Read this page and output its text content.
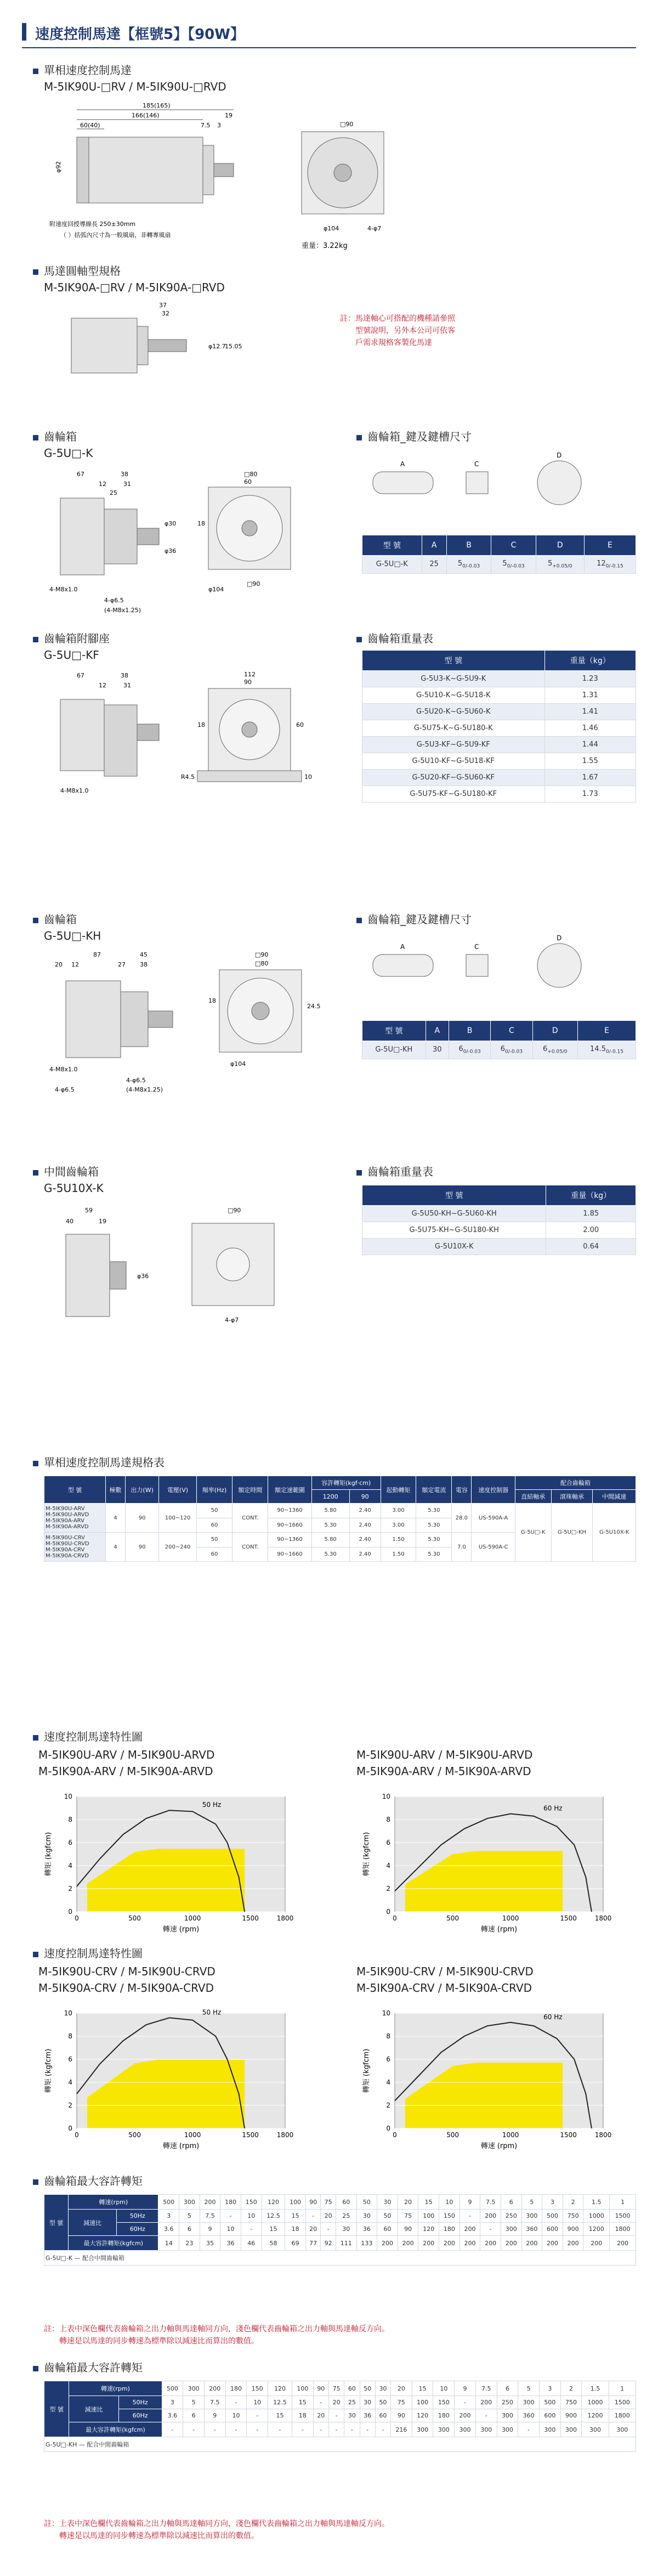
速度控制馬達【框號5】【90W】
單相速度控制馬達
M-5IK90U-□RV / M-5IK90U-□RVD
185(165)
166(146)
60(40)	7.5 3
19
φ92
□90
φ104	4-φ7
附速度回授導線長 250±30mm
（ ）括弧內尺寸為一般風扇，非轉專風扇
重量：3.22kg
馬達圓軸型規格
M-5IK90A-□RV / M-5IK90A-□RVD
37
32
φ12.7
15.05
註：馬達軸心可搭配的機種請參照
型號說明，另外本公司可依客
戶需求規格客製化馬達
齒輪箱
G-5U□-K
67	38
12	31
25
4-M8x1.0
4-φ6.5
(4-M8x1.25)
□80
60
18
□90
φ104
φ30
φ36
齒輪箱_鍵及鍵槽尺寸
A	C
D
型 號	A	B	C	D	E
G-5U□-K	25	$5_{0/-0.03}$	$5_{0/-0.03}$	$5_{+0.05/0}$	$12_{0/-0.15}$
齒輪箱附腳座
G-5U□-KF
67	38
12	31
4-M8x1.0
112
90
60
18
R4.5	10
齒輪箱重量表
型 號	重量（kg）
G-5U3-K~G-5U9-K	1.23
G-5U10-K~G-5U18-K	1.31
G-5U20-K~G-5U60-K	1.41
G-5U75-K~G-5U180-K	1.46
G-5U3-KF~G-5U9-KF	1.44
G-5U10-KF~G-5U18-KF	1.55
G-5U20-KF~G-5U60-KF	1.67
G-5U75-KF~G-5U180-KF	1.73
齒輪箱
G-5U□-KH
87	45
20 12	27 38
4-M8x1.0
4-φ6.5
(4-M8x1.25)
4-φ6.5
□90
□80
24.5
18
φ104
齒輪箱_鍵及鍵槽尺寸
A	C
D
型 號	A	B	C	D	E
G-5U□-KH	30	$6_{0/-0.03}$	$6_{0/-0.03}$	$6_{+0.05/0}$	$14.5_{0/-0.15}$
中間齒輪箱
G-5U10X-K
59
40	19
□90
φ36
4-φ7
齒輪箱重量表
型 號	重量（kg）
G-5U50-KH~G-5U60-KH	1.85
G-5U75-KH~G-5U180-KH	2.00
G-5U10X-K	0.64
單相速度控制馬達規格表
型 號	極數	出力(W)	電壓(V)	頻率(Hz)	額定時間	額定速範圍	容許轉矩(kgf·cm)		起動轉矩	額定電流	電容	速度控制器	配合齒輪箱		
							1200	90					直結軸承	滾珠軸承	中間減速

M-5IK90U-ARV
M-5IK90U-ARVD
M-5IK90A-ARV
M-5IK90A-ARVD	4	90	100~120	50	CONT.	90~1360	5.80	2.40	3.00	5.30	28.0	US-590A-A	G-5U□-K	G-5U□-KH	G-5U10X-K
				60		90~1660	5.30	2.40	3.00	5.30					

M-5IK90U-CRV
M-5IK90U-CRVD
M-5IK90A-CRV
M-5IK90A-CRVD	4	90	200~240	50	CONT.	90~1360	5.80	2.40	1.50	5.30	7.0	US-590A-C			
				60		90~1660	5.30	2.40	1.50	5.30					
速度控制馬達特性圖
M-5IK90U-ARV / M-5IK90U-ARVD
M-5IK90A-ARV / M-5IK90A-ARVD
M-5IK90U-ARV / M-5IK90U-ARVD
M-5IK90A-ARV / M-5IK90A-ARVD
0
2
4
6
8
10
0	500	1000	1500	1800
50 Hz
轉速 (rpm)
轉矩 (kgfcm)
0
2
4
6
8
10
0	500	1000	1500	1800
60 Hz
轉速 (rpm)
轉矩 (kgfcm)
速度控制馬達特性圖
M-5IK90U-CRV / M-5IK90U-CRVD
M-5IK90A-CRV / M-5IK90A-CRVD
M-5IK90U-CRV / M-5IK90U-CRVD
M-5IK90A-CRV / M-5IK90A-CRVD
0
2
4
6
8
10
0	500	1000	1500	1800
50 Hz
轉速 (rpm)
轉矩 (kgfcm)
0
2
4
6
8
10
0	500	1000	1500	1800
60 Hz
轉速 (rpm)
轉矩 (kgfcm)
齒輪箱最大容許轉矩
型 號	轉速(rpm)		500	300	200	180	150	120	100	90	75	60	50	30	20	15	10	9	7.5	6	5	3	2	1.5	1
	減速比	50Hz	3	5	7.5	-	10	12.5	15	-	20	25	30	50	75	100	150	-	200	250	300	500	750	1000	1500
		60Hz	3.6	6	9	10	-	15	18	20	-	30	36	60	90	120	180	200	-	300	360	600	900	1200	1800
	最大容許轉矩(kgfcm)		14	23	35	36	46	58	69	77	92	111	133	200	200	200	200	200	200	200	200	200	200	200	200
G-5U□-K — 配合中間齒輪箱																									
註：上表中深色欄代表齒輪箱之出力軸與馬達軸同方向，淺色欄代表齒輪箱之出力軸與馬達軸反方向。
轉速是以馬達的同步轉速為標準除以減速比而算出的數值。
齒輪箱最大容許轉矩
型 號	轉速(rpm)		500	300	200	180	150	120	100	90	75	60	50	30	20	15	10	9	7.5	6	5	3	2	1.5	1
	減速比	50Hz	3	5	7.5	-	10	12.5	15	-	20	25	30	50	75	100	150	-	200	250	300	500	750	1000	1500
		60Hz	3.6	6	9	10	-	15	18	20	-	30	36	60	90	120	180	200	-	300	360	600	900	1200	1800
	最大容許轉矩(kgfcm)		-	-	-	-	-	-	-	-	-	-	-	-	216	300	300	300	300	300	-	300	300	300	300
G-5U□-KH — 配合中間齒輪箱																									
註：上表中深色欄代表齒輪箱之出力軸與馬達軸同方向，淺色欄代表齒輪箱之出力軸與馬達軸反方向。
轉速是以馬達的同步轉速為標準除以減速比而算出的數值。
